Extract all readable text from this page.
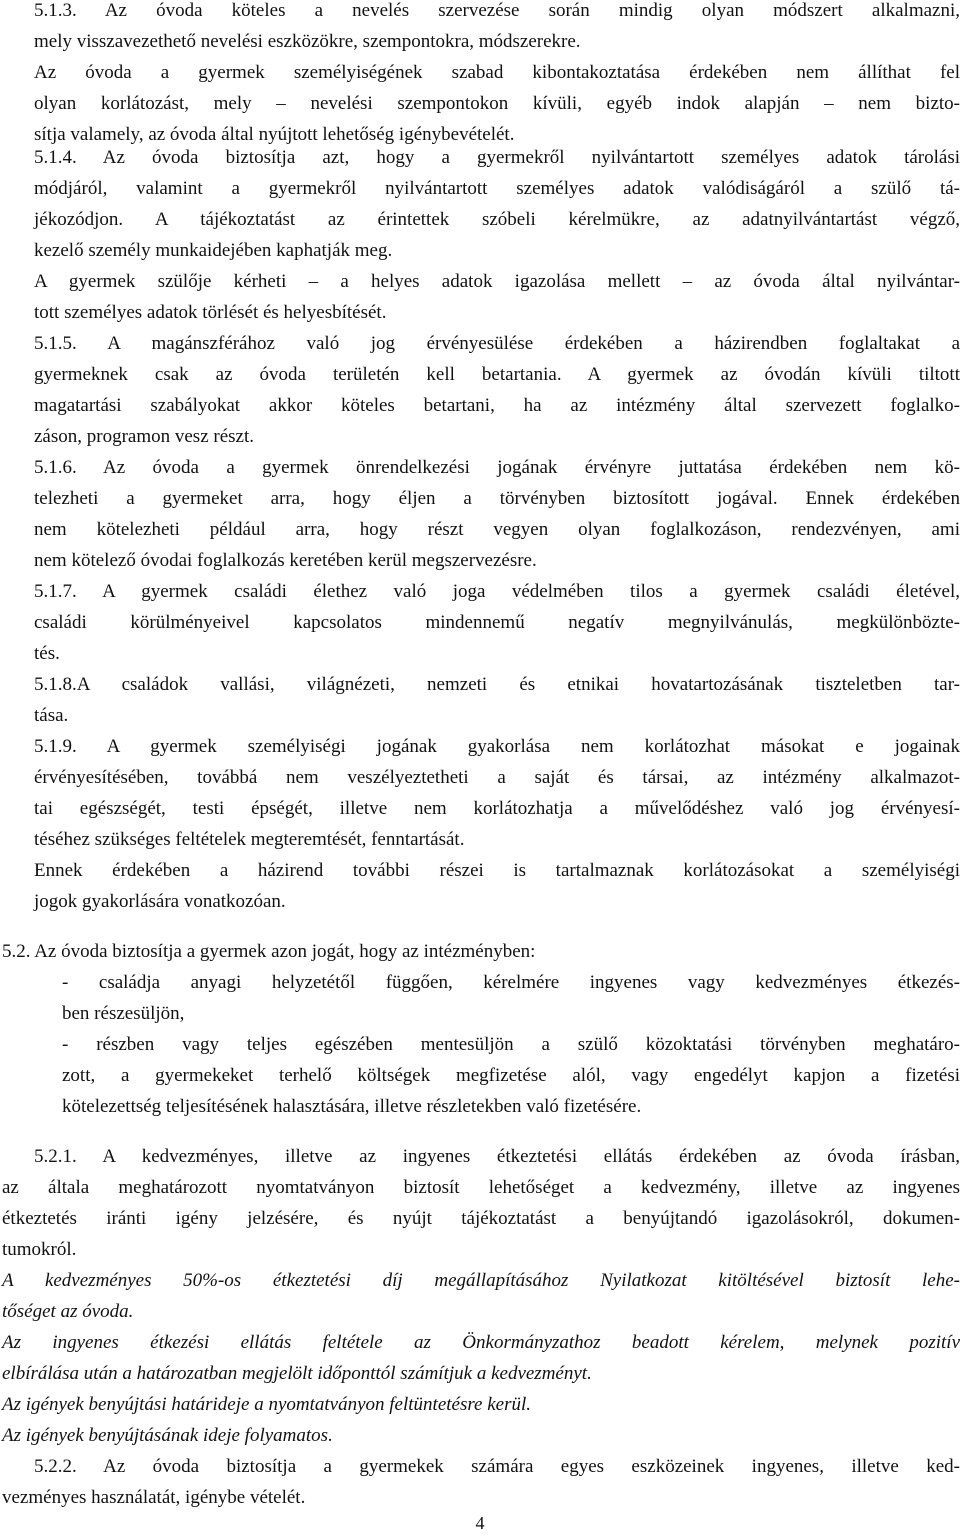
5.1.3. Az óvoda köteles a nevelés szervezése során mindig olyan módszert alkalmazni,
mely visszavezethető nevelési eszközökre, szempontokra, módszerekre.
Az óvoda a gyermek személyiségének szabad kibontakoztatása érdekében nem állíthat fel
olyan korlátozást, mely – nevelési szempontokon kívüli, egyéb indok alapján – nem bizto-
sítja valamely, az óvoda által nyújtott lehetőség igénybevételét.
5.1.4. Az óvoda biztosítja azt, hogy a gyermekről nyilvántartott személyes adatok tárolási
módjáról, valamint a gyermekről nyilvántartott személyes adatok valódiságáról a szülő tá-
jékozódjon. A tájékoztatást az érintettek szóbeli kérelmükre, az adatnyilvántartást végző,
kezelő személy munkaidejében kaphatják meg.
A gyermek szülője kérheti – a helyes adatok igazolása mellett – az óvoda által nyilvántar-
tott személyes adatok törlését és helyesbítését.
5.1.5. A magánszférához való jog érvényesülése érdekében a házirendben foglaltakat a
gyermeknek csak az óvoda területén kell betartania. A gyermek az óvodán kívüli tiltott
magatartási szabályokat akkor köteles betartani, ha az intézmény által szervezett foglalko-
záson, programon vesz részt.
5.1.6. Az óvoda a gyermek önrendelkezési jogának érvényre juttatása érdekében nem kö-
telezheti a gyermeket arra, hogy éljen a törvényben biztosított jogával. Ennek érdekében
nem kötelezheti például arra, hogy részt vegyen olyan foglalkozáson, rendezvényen, ami
nem kötelező óvodai foglalkozás keretében kerül megszervezésre.
5.1.7. A gyermek családi élethez való joga védelmében tilos a gyermek családi életével,
családi körülményeivel kapcsolatos mindennemű negatív megnyilvánulás, megkülönbözte-
tés.
5.1.8.A családok vallási, világnézeti, nemzeti és etnikai hovatartozásának tiszteletben tar-
tása.
5.1.9. A gyermek személyiségi jogának gyakorlása nem korlátozhat másokat e jogainak
érvényesítésében, továbbá nem veszélyeztetheti a saját és társai, az intézmény alkalmazot-
tai egészségét, testi épségét, illetve nem korlátozhatja a művelődéshez való jog érvényesí-
téséhez szükséges feltételek megteremtését, fenntartását.
Ennek érdekében a házirend további részei is tartalmaznak korlátozásokat a személyiségi
jogok gyakorlására vonatkozóan.
5.2. Az óvoda biztosítja a gyermek azon jogát, hogy az intézményben:
- családja anyagi helyzetétől függően, kérelmére ingyenes vagy kedvezményes étkezés-
ben részesüljön,
- részben vagy teljes egészében mentesüljön a szülő közoktatási törvényben meghatáro-
zott, a gyermekeket terhelő költségek megfizetése alól, vagy engedélyt kapjon a fizetési
kötelezettség teljesítésének halasztására, illetve részletekben való fizetésére.
5.2.1. A kedvezményes, illetve az ingyenes étkeztetési ellátás érdekében az óvoda írásban,
az általa meghatározott nyomtatványon biztosít lehetőséget a kedvezmény, illetve az ingyenes
étkeztetés iránti igény jelzésére, és nyújt tájékoztatást a benyújtandó igazolásokról, dokumen-
tumokról.
A kedvezményes 50%-os étkeztetési díj megállapításához Nyilatkozat kitöltésével biztosít lehe-
tőséget az óvoda.
Az ingyenes étkezési ellátás feltétele az Önkormányzathoz beadott kérelem, melynek pozitív
elbírálása után a határozatban megjelölt időponttól számítjuk a kedvezményt.
Az igények benyújtási határideje a nyomtatványon feltüntetésre kerül.
Az igények benyújtásának ideje folyamatos.
5.2.2. Az óvoda biztosítja a gyermekek számára egyes eszközeinek ingyenes, illetve ked-
vezményes használatát, igénybe vételét.
4
